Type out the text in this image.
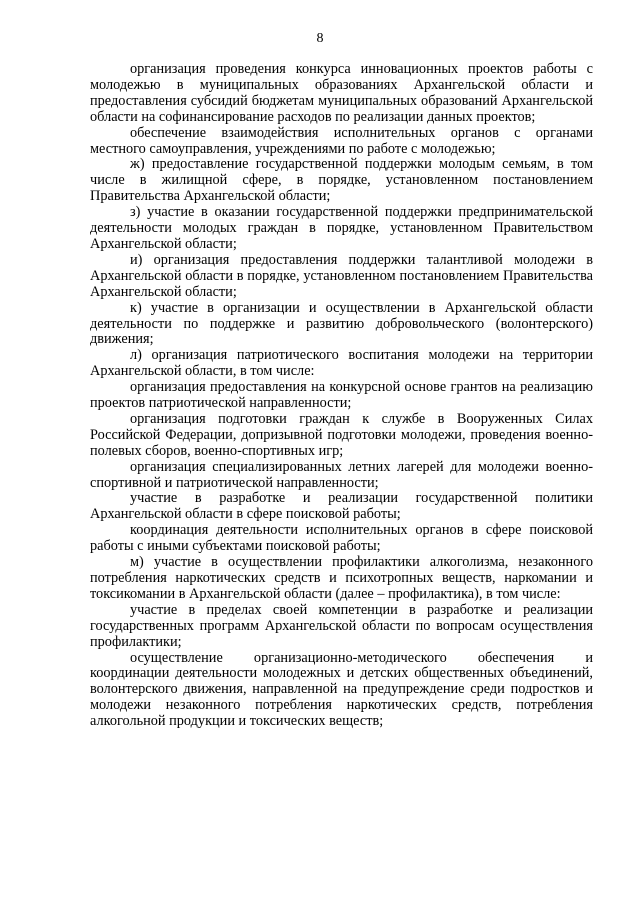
8

организация проведения конкурса инновационных проектов работы с молодежью в муниципальных образованиях Архангельской области и предоставления субсидий бюджетам муниципальных образований Архангельской области на софинансирование расходов по реализации данных проектов;

обеспечение взаимодействия исполнительных органов с органами местного самоуправления, учреждениями по работе с молодежью;

ж) предоставление государственной поддержки молодым семьям, в том числе в жилищной сфере, в порядке, установленном постановлением Правительства Архангельской области;

з) участие в оказании государственной поддержки предпринимательской деятельности молодых граждан в порядке, установленном Правительством Архангельской области;

и) организация предоставления поддержки талантливой молодежи в Архангельской области в порядке, установленном постановлением Правительства Архангельской области;

к) участие в организации и осуществлении в Архангельской области деятельности по поддержке и развитию добровольческого (волонтерского) движения;

л) организация патриотического воспитания молодежи на территории Архангельской области, в том числе:

организация предоставления на конкурсной основе грантов на реализацию проектов патриотической направленности;

организация подготовки граждан к службе в Вооруженных Силах Российской Федерации, допризывной подготовки молодежи, проведения военно-полевых сборов, военно-спортивных игр;

организация специализированных летних лагерей для молодежи военно-спортивной и патриотической направленности;

участие в разработке и реализации государственной политики Архангельской области в сфере поисковой работы;

координация деятельности исполнительных органов в сфере поисковой работы с иными субъектами поисковой работы;

м) участие в осуществлении профилактики алкоголизма, незаконного потребления наркотических средств и психотропных веществ, наркомании и токсикомании в Архангельской области (далее – профилактика), в том числе:

участие в пределах своей компетенции в разработке и реализации государственных программ Архангельской области по вопросам осуществления профилактики;

осуществление организационно-методического обеспечения и координации деятельности молодежных и детских общественных объединений, волонтерского движения, направленной на предупреждение среди подростков и молодежи незаконного потребления наркотических средств, потребления алкогольной продукции и токсических веществ;
